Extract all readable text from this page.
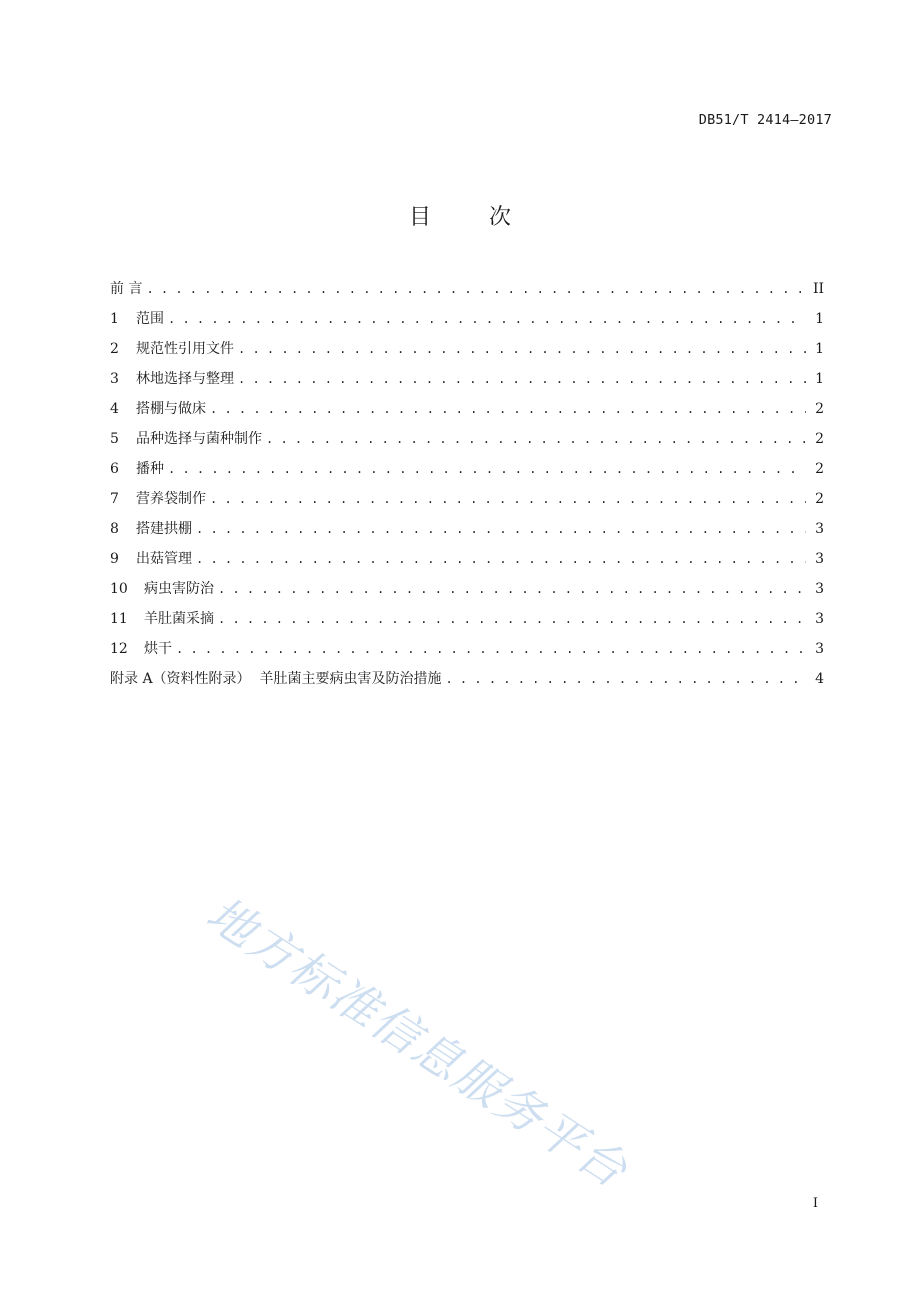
DB51/T 2414—2017
目	次
前 言 . . .	II
1	范围 . . .	1
2	规范性引用文件 . . .	1
3	林地选择与整理 . . .	1
4	搭棚与做床 . . .	2
5	品种选择与菌种制作 . . .	2
6	播种 . . .	2
7	营养袋制作 . . .	2
8	搭建拱棚 . . .	3
9	出菇管理 . . .	3
10	病虫害防治 . . .	3
11	羊肚菌采摘 . . .	3
12	烘干 . . .	3
附录 A（资料性附录）  羊肚菌主要病虫害及防治措施 . . .	4
地方标准信息服务平台
I
